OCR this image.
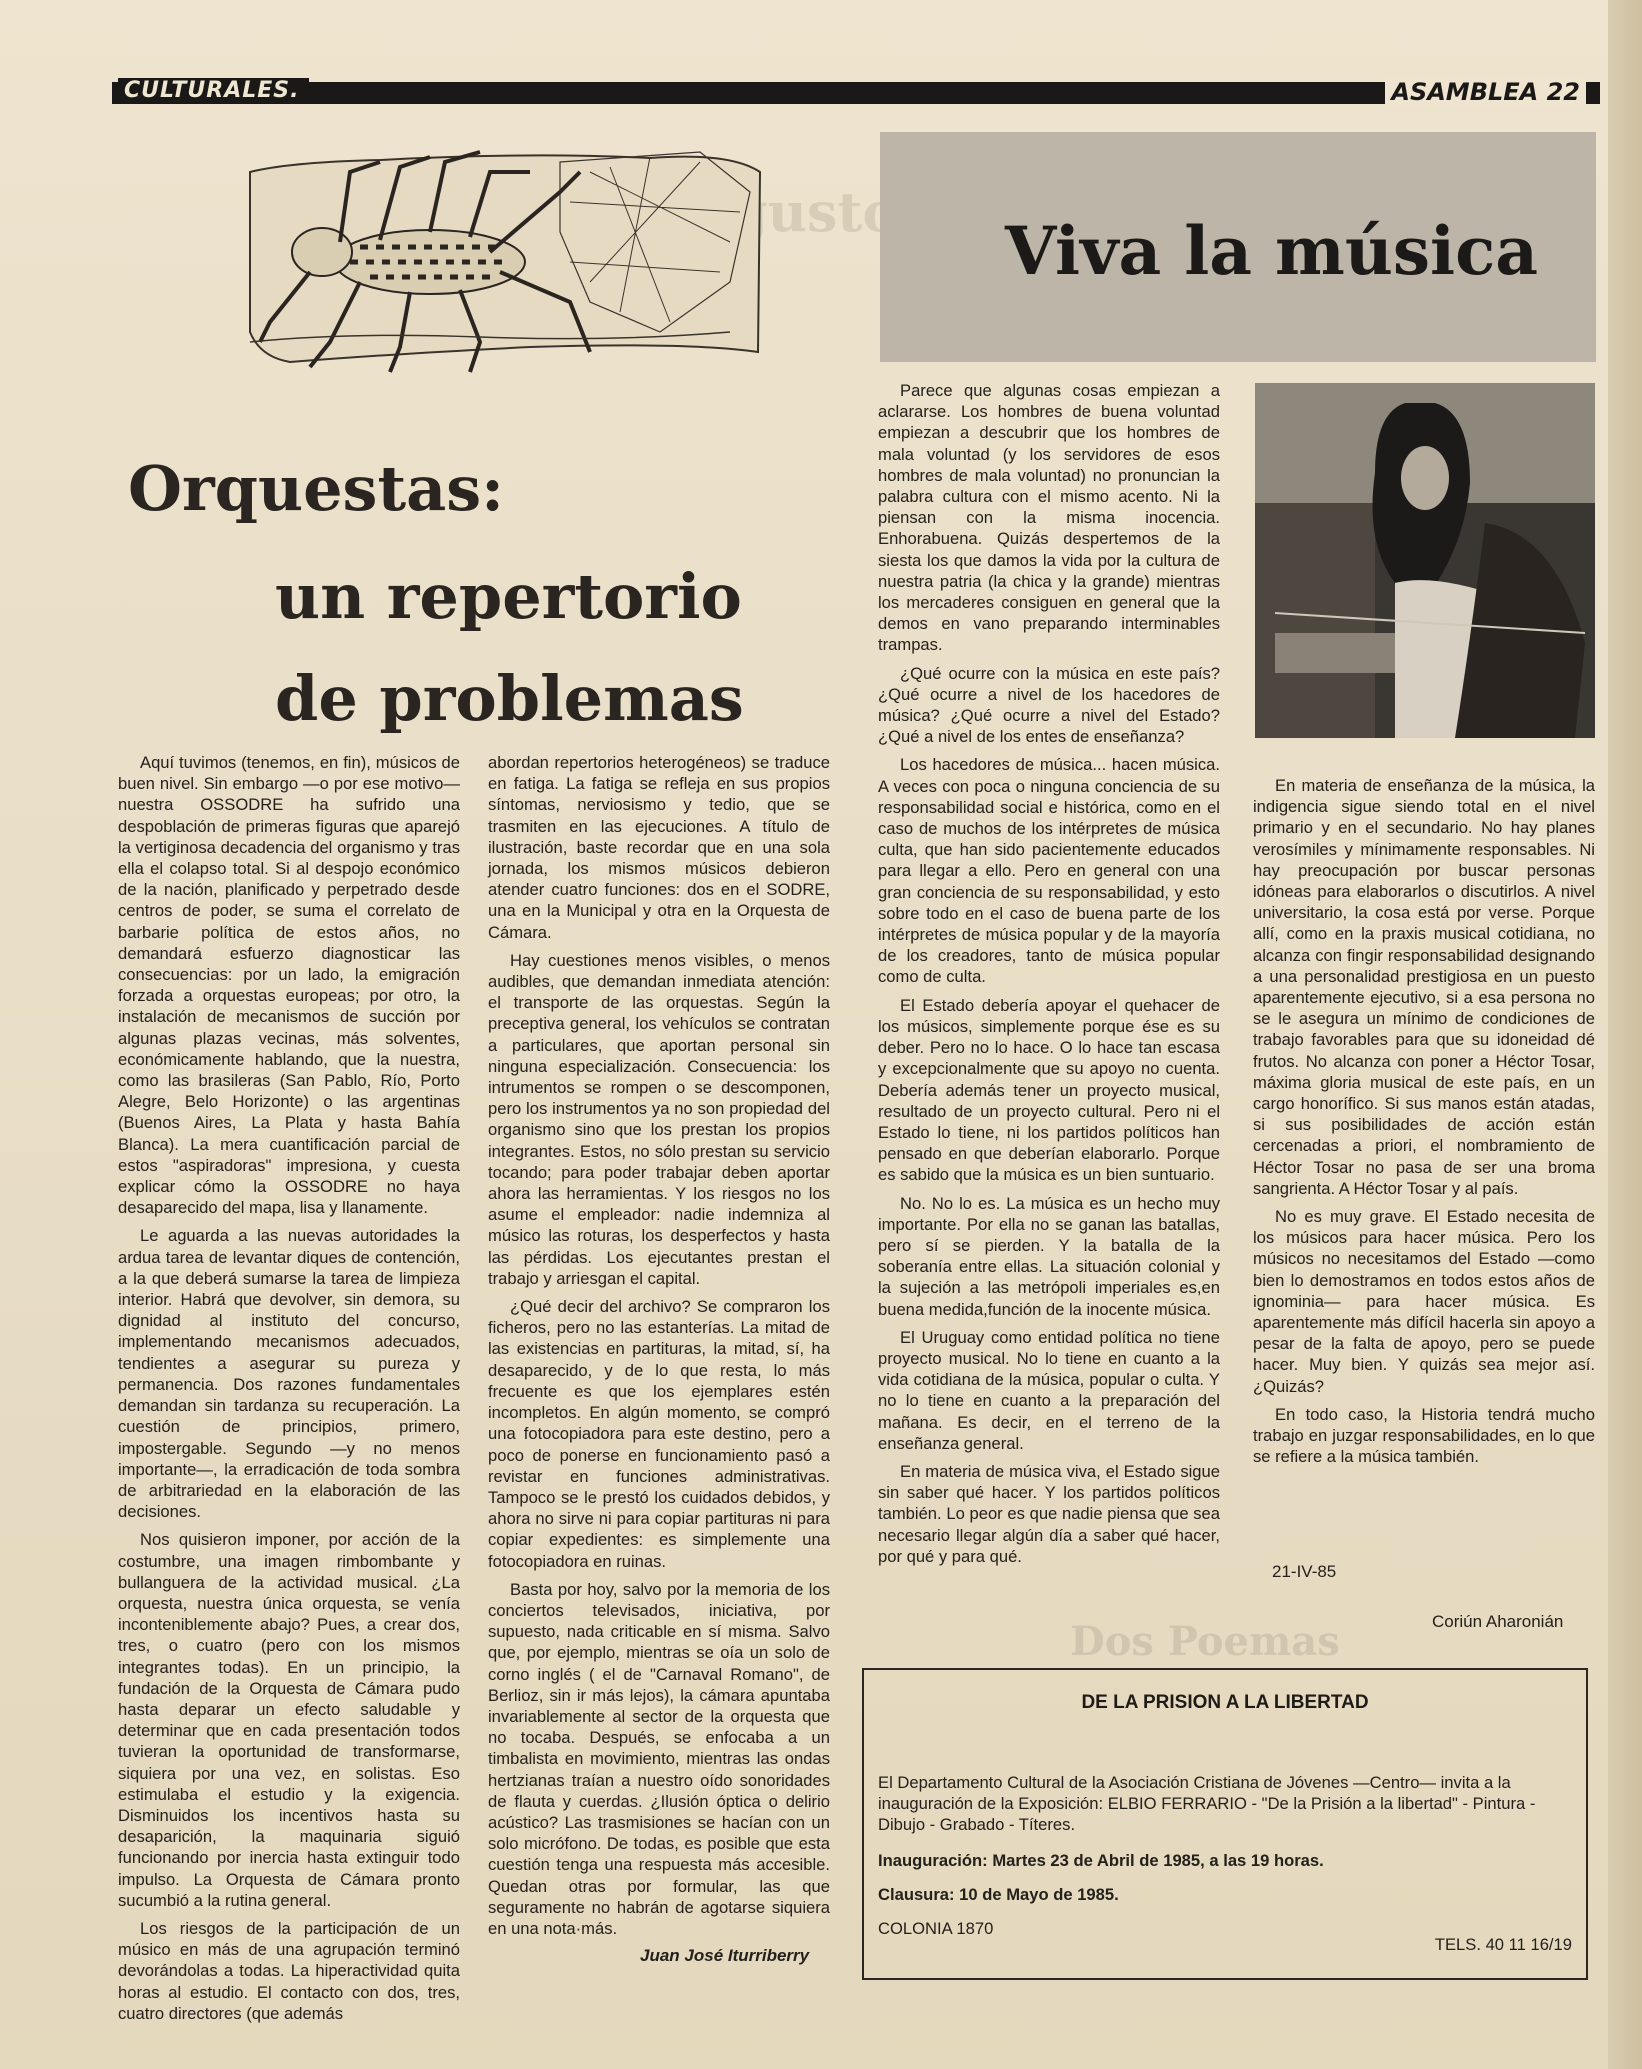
CULTURALES.	ASAMBLEA 22
gustos
Dos Poemas
Orquestas:
un repertorio
de problemas

Aquí tuvimos (tenemos, en fin), músicos de buen nivel. Sin embargo —o por ese motivo— nuestra OSSODRE ha sufrido una despoblación de primeras figuras que aparejó la vertiginosa decadencia del organismo y tras ella el colapso total. Si al despojo económico de la nación, planificado y perpetrado desde centros de poder, se suma el correlato de barbarie política de estos años, no demandará esfuerzo diagnosticar las consecuencias: por un lado, la emigración forzada a orquestas europeas; por otro, la instalación de mecanismos de succión por algunas plazas vecinas, más solventes, económicamente hablando, que la nuestra, como las brasileras (San Pablo, Río, Porto Alegre, Belo Horizonte) o las argentinas (Buenos Aires, La Plata y hasta Bahía Blanca). La mera cuantificación parcial de estos "aspiradoras" impresiona, y cuesta explicar cómo la OSSODRE no haya desaparecido del mapa, lisa y llanamente.

Le aguarda a las nuevas autoridades la ardua tarea de levantar diques de contención, a la que deberá sumarse la tarea de limpieza interior. Habrá que devolver, sin demora, su dignidad al instituto del concurso, implementando mecanismos adecuados, tendientes a asegurar su pureza y permanencia. Dos razones fundamentales demandan sin tardanza su recuperación. La cuestión de principios, primero, impostergable. Segundo —y no menos importante—, la erradicación de toda sombra de arbitrariedad en la elaboración de las decisiones.

Nos quisieron imponer, por acción de la costumbre, una imagen rimbombante y bullanguera de la actividad musical. ¿La orquesta, nuestra única orquesta, se venía inconteniblemente abajo? Pues, a crear dos, tres, o cuatro (pero con los mismos integrantes todas). En un principio, la fundación de la Orquesta de Cámara pudo hasta deparar un efecto saludable y determinar que en cada presentación todos tuvieran la oportunidad de transformarse, siquiera por una vez, en solistas. Eso estimulaba el estudio y la exigencia. Disminuidos los incentivos hasta su desaparición, la maquinaria siguió funcionando por inercia hasta extinguir todo impulso. La Orquesta de Cámara pronto sucumbió a la rutina general.

Los riesgos de la participación de un músico en más de una agrupación terminó devorándolas a todas. La hiperactividad quita horas al estudio. El contacto con dos, tres, cuatro directores (que además

abordan repertorios heterogéneos) se traduce en fatiga. La fatiga se refleja en sus propios síntomas, nerviosismo y tedio, que se trasmiten en las ejecuciones. A título de ilustración, baste recordar que en una sola jornada, los mismos músicos debieron atender cuatro funciones: dos en el SODRE, una en la Municipal y otra en la Orquesta de Cámara.

Hay cuestiones menos visibles, o menos audibles, que demandan inmediata atención: el transporte de las orquestas. Según la preceptiva general, los vehículos se contratan a particulares, que aportan personal sin ninguna especialización. Consecuencia: los intrumentos se rompen o se descomponen, pero los instrumentos ya no son propiedad del organismo sino que los prestan los propios integrantes. Estos, no sólo prestan su servicio tocando; para poder trabajar deben aportar ahora las herramientas. Y los riesgos no los asume el empleador: nadie indemniza al músico las roturas, los desperfectos y hasta las pérdidas. Los ejecutantes prestan el trabajo y arriesgan el capital.

¿Qué decir del archivo? Se compraron los ficheros, pero no las estanterías. La mitad de las existencias en partituras, la mitad, sí, ha desaparecido, y de lo que resta, lo más frecuente es que los ejemplares estén incompletos. En algún momento, se compró una fotocopiadora para este destino, pero a poco de ponerse en funcionamiento pasó a revistar en funciones administrativas. Tampoco se le prestó los cuidados debidos, y ahora no sirve ni para copiar partituras ni para copiar expedientes: es simplemente una fotocopiadora en ruinas.

Basta por hoy, salvo por la memoria de los conciertos televisados, iniciativa, por supuesto, nada criticable en sí misma. Salvo que, por ejemplo, mientras se oía un solo de corno inglés ( el de "Carnaval Romano", de Berlioz, sin ir más lejos), la cámara apuntaba invariablemente al sector de la orquesta que no tocaba. Después, se enfocaba a un timbalista en movimiento, mientras las ondas hertzianas traían a nuestro oído sonoridades de flauta y cuerdas. ¿Ilusión óptica o delirio acústico? Las trasmisiones se hacían con un solo micrófono. De todas, es posible que esta cuestión tenga una respuesta más accesible. Quedan otras por formular, las que seguramente no habrán de agotarse siquiera en una nota·más.

Juan José Iturriberry
Viva la música

Parece que algunas cosas empiezan a aclararse. Los hombres de buena voluntad empiezan a descubrir que los hombres de mala voluntad (y los servidores de esos hombres de mala voluntad) no pronuncian la palabra cultura con el mismo acento. Ni la piensan con la misma inocencia. Enhorabuena. Quizás despertemos de la siesta los que damos la vida por la cultura de nuestra patria (la chica y la grande) mientras los mercaderes consiguen en general que la demos en vano preparando interminables trampas.

¿Qué ocurre con la música en este país? ¿Qué ocurre a nivel de los hacedores de música? ¿Qué ocurre a nivel del Estado? ¿Qué a nivel de los entes de enseñanza?

Los hacedores de música... hacen música. A veces con poca o ninguna conciencia de su responsabilidad social e histórica, como en el caso de muchos de los intérpretes de música culta, que han sido pacientemente educados para llegar a ello. Pero en general con una gran conciencia de su responsabilidad, y esto sobre todo en el caso de buena parte de los intérpretes de música popular y de la mayoría de los creadores, tanto de música popular como de culta.

El Estado debería apoyar el quehacer de los músicos, simplemente porque ése es su deber. Pero no lo hace. O lo hace tan escasa y excepcionalmente que su apoyo no cuenta. Debería además tener un proyecto musical, resultado de un proyecto cultural. Pero ni el Estado lo tiene, ni los partidos políticos han pensado en que deberían elaborarlo. Porque es sabido que la música es un bien suntuario.

No. No lo es. La música es un hecho muy importante. Por ella no se ganan las batallas, pero sí se pierden. Y la batalla de la soberanía entre ellas. La situación colonial y la sujeción a las metrópoli imperiales es,en buena medida,función de la inocente música.

El Uruguay como entidad política no tiene proyecto musical. No lo tiene en cuanto a la vida cotidiana de la música, popular o culta. Y no lo tiene en cuanto a la preparación del mañana. Es decir, en el terreno de la enseñanza general.

En materia de música viva, el Estado sigue sin saber qué hacer. Y los partidos políticos también. Lo peor es que nadie piensa que sea necesario llegar algún día a saber qué hacer, por qué y para qué.

En materia de enseñanza de la música, la indigencia sigue siendo total en el nivel primario y en el secundario. No hay planes verosímiles y mínimamente responsables. Ni hay preocupación por buscar personas idóneas para elaborarlos o discutirlos. A nivel universitario, la cosa está por verse. Porque allí, como en la praxis musical cotidiana, no alcanza con fingir responsabilidad designando a una personalidad prestigiosa en un puesto aparentemente ejecutivo, si a esa persona no se le asegura un mínimo de condiciones de trabajo favorables para que su idoneidad dé frutos. No alcanza con poner a Héctor Tosar, máxima gloria musical de este país, en un cargo honorífico. Si sus manos están atadas, si sus posibilidades de acción están cercenadas a priori, el nombramiento de Héctor Tosar no pasa de ser una broma sangrienta. A Héctor Tosar y al país.

No es muy grave. El Estado necesita de los músicos para hacer música. Pero los músicos no necesitamos del Estado —como bien lo demostramos en todos estos años de ignominia— para hacer música. Es aparentemente más difícil hacerla sin apoyo a pesar de la falta de apoyo, pero se puede hacer. Muy bien. Y quizás sea mejor así. ¿Quizás?

En todo caso, la Historia tendrá mucho trabajo en juzgar responsabilidades, en lo que se refiere a la música también.

21-IV-85
Coriún Aharonián
DE LA PRISION A LA LIBERTAD
El Departamento Cultural de la Asociación Cristiana de Jóvenes —Centro— invita a la inauguración de la Exposición: ELBIO FERRARIO - "De la Prisión a la libertad" - Pintura - Dibujo - Grabado - Títeres.
Inauguración: Martes 23 de Abril de 1985, a las 19 horas.
Clausura: 10 de Mayo de 1985.
COLONIA 1870
TELS. 40 11 16/19
